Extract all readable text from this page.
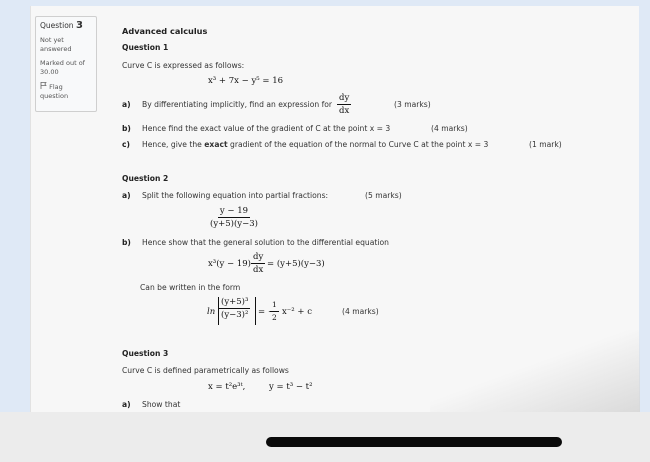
Question 3
Not yet answered
Marked out of 30.00
Flag question
Advanced calculus
Question 1
Curve C is expressed as follows:
x³ + 7x − y⁵ = 16
a) By differentiating implicitly, find an expression for $\frac{dy}{dx}$	(3 marks)
b) Hence find the exact value of the gradient of C at the point x = 3	(4 marks)
c) Hence, give the exact gradient of the equation of the normal to Curve C at the point x = 3	(1 mark)
Question 2
a) Split the following equation into partial fractions:	(5 marks)
$\frac{y - 19}{(y+5)(y-3)}$
b) Hence show that the general solution to the differential equation
$x^3(y - 19) \frac{dy}{dx} = (y+5)(y-3)$
Can be written in the form
$\ln \frac{\text{(y+5)³}}{\text{(y−3)²}}$ = −
$\frac{1}{2} x^{-2} + c$	(4 marks)
Question 3
Curve C is defined parametrically as follows
x = t²e³ᵗ,	y = t³ − t²
a) Show that
